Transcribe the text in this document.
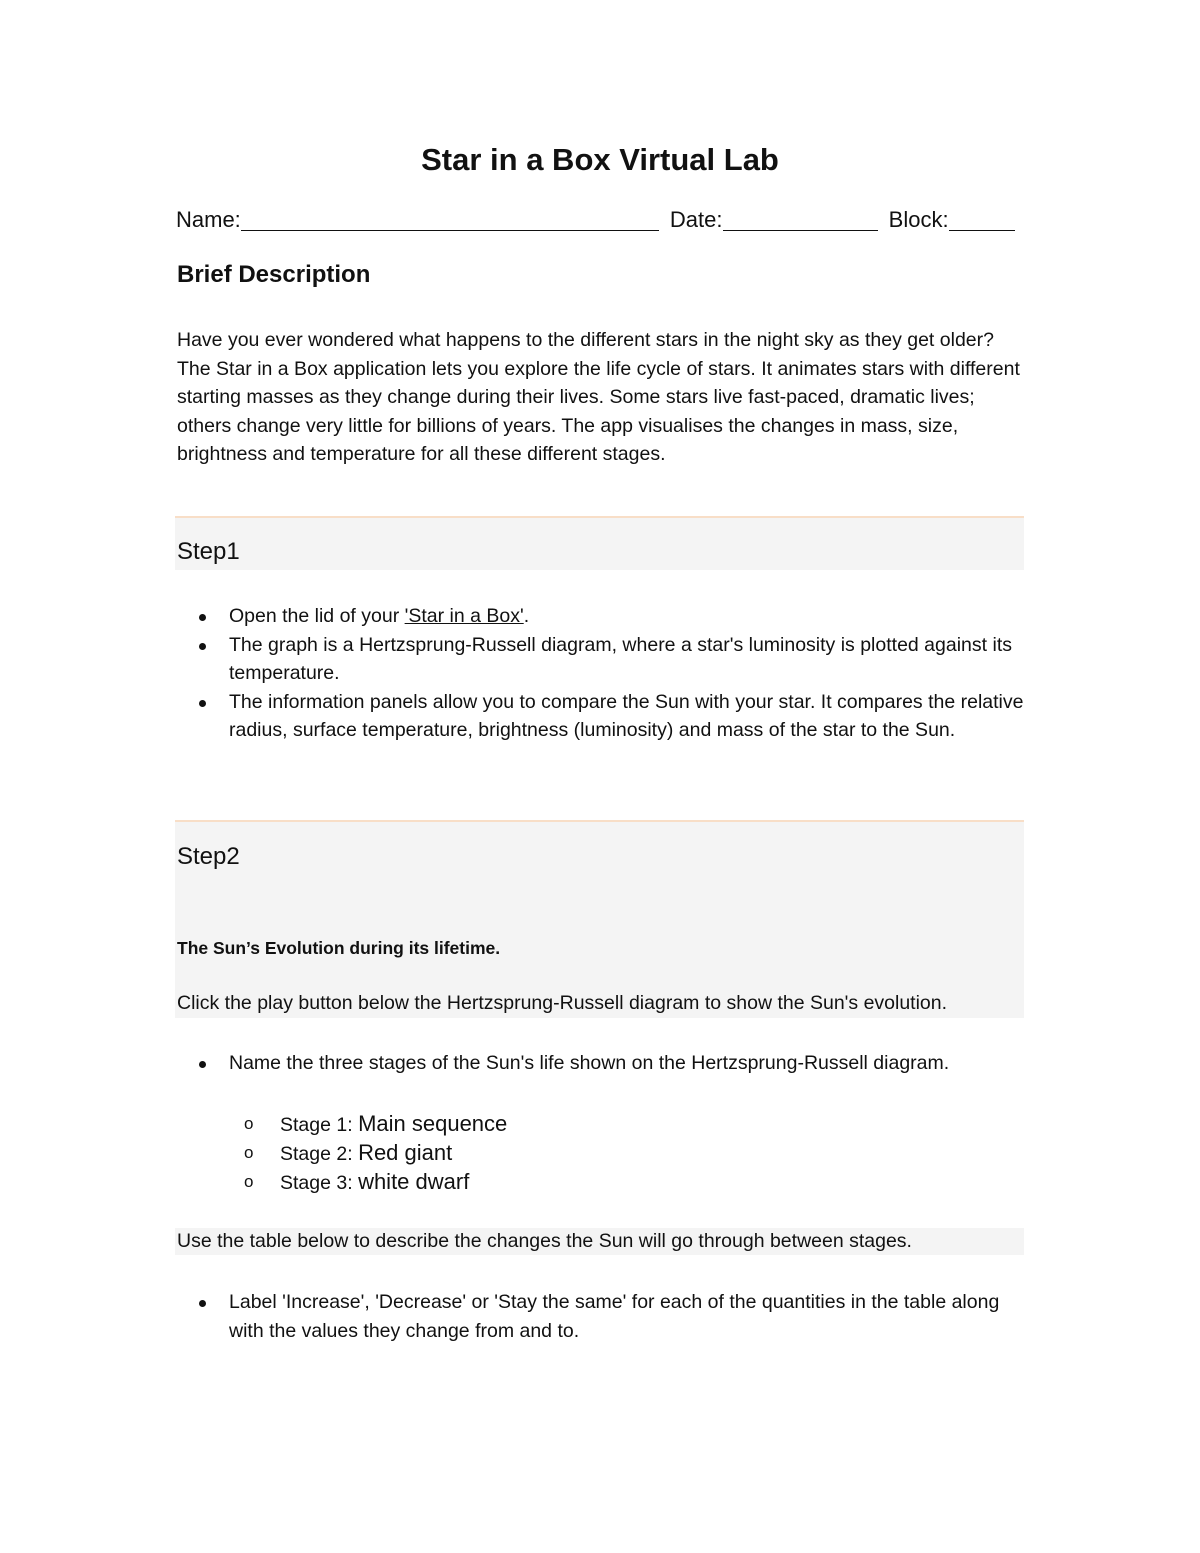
Star in a Box Virtual Lab
Name:	Date:	Block:
Brief Description
Have you ever wondered what happens to the different stars in the night sky as they get older? The Star in a Box application lets you explore the life cycle of stars. It animates stars with different starting masses as they change during their lives. Some stars live fast-paced, dramatic lives; others change very little for billions of years. The app visualises the changes in mass, size, brightness and temperature for all these different stages.
Step1
Open the lid of your 'Star in a Box'.
The graph is a Hertzsprung-Russell diagram, where a star's luminosity is plotted against its temperature.
The information panels allow you to compare the Sun with your star. It compares the relative radius, surface temperature, brightness (luminosity) and mass of the star to the Sun.
Step2
The Sun’s Evolution during its lifetime.
Click the play button below the Hertzsprung-Russell diagram to show the Sun's evolution.
Name the three stages of the Sun's life shown on the Hertzsprung-Russell diagram.
o Stage 1: Main sequence
o Stage 2: Red giant
o Stage 3: white dwarf
Use the table below to describe the changes the Sun will go through between stages.
Label 'Increase', 'Decrease' or 'Stay the same' for each of the quantities in the table along with the values they change from and to.
